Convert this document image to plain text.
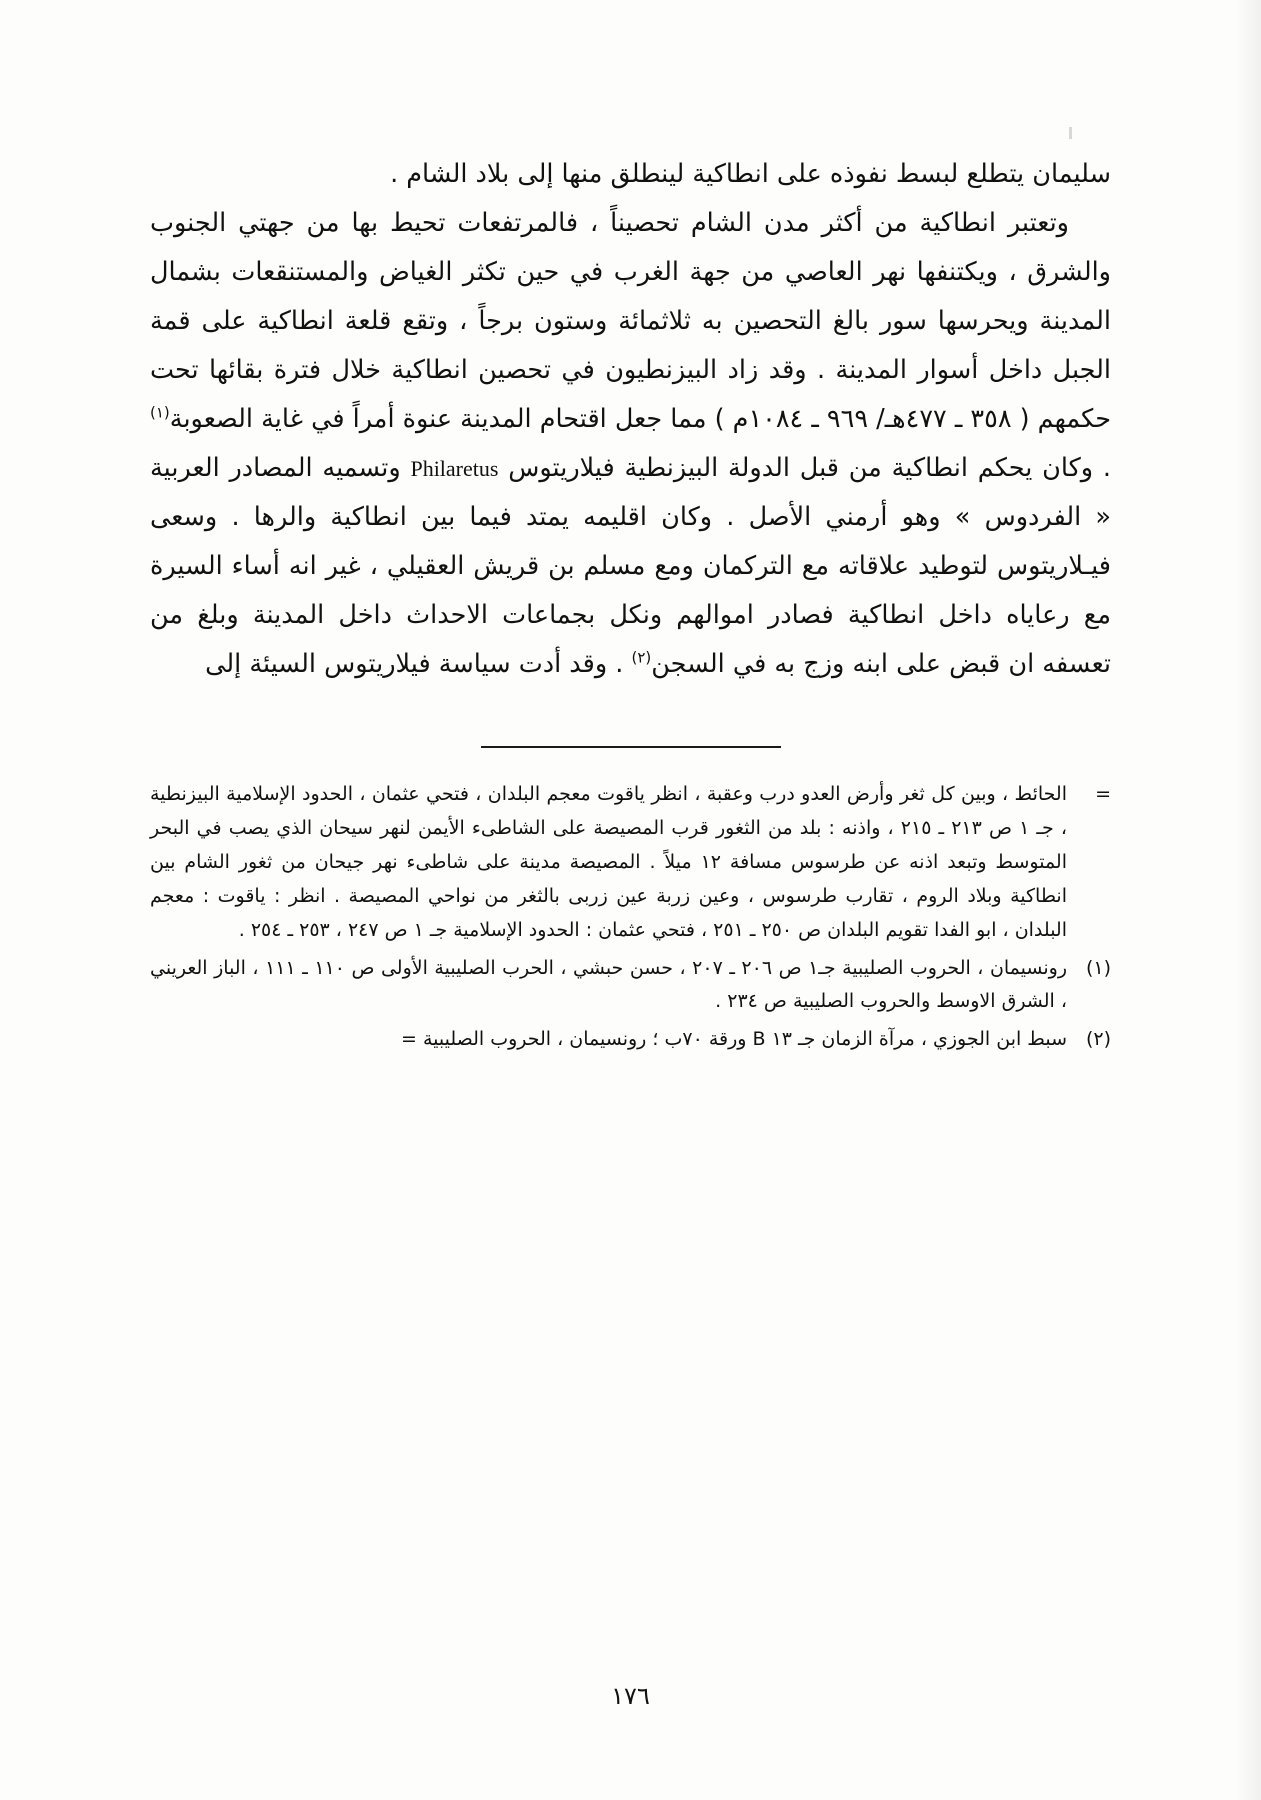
سليمان يتطلع لبسط نفوذه على انطاكية لينطلق منها إلى بلاد الشام .

وتعتبر انطاكية من أكثر مدن الشام تحصيناً ، فالمرتفعات تحيط بها من جهتي الجنوب والشرق ، ويكتنفها نهر العاصي من جهة الغرب في حين تكثر الغياض والمستنقعات بشمال المدينة ويحرسها سور بالغ التحصين به ثلاثمائة وستون برجاً ، وتقع قلعة انطاكية على قمة الجبل داخل أسوار المدينة . وقد زاد البيزنطيون في تحصين انطاكية خلال فترة بقائها تحت حكمهم ( ٣٥٨ ـ ٤٧٧هـ/ ٩٦٩ ـ ١٠٨٤م ) مما جعل اقتحام المدينة عنوة أمراً في غاية الصعوبة$^{(١)}$ . وكان يحكم انطاكية من قبل الدولة البيزنطية فيلاريتوس Philaretus وتسميه المصادر العربية « الفردوس » وهو أرمني الأصل . وكان اقليمه يمتد فيما بين انطاكية والرها . وسعى فيـلاريتوس لتوطيد علاقاته مع التركمان ومع مسلم بن قريش العقيلي ، غير انه أساء السيرة مع رعاياه داخل انطاكية فصادر اموالهم ونكل بجماعات الاحداث داخل المدينة وبلغ من تعسفه ان قبض على ابنه وزج به في السجن$^{(٢)}$ . وقد أدت سياسة فيلاريتوس السيئة إلى

=
الحائط ، وبين كل ثغر وأرض العدو درب وعقبة ، انظر ياقوت معجم البلدان ، فتحي عثمان ، الحدود الإسلامية البيزنطية ، جـ ١ ص ٢١٣ ـ ٢١٥ ، واذنه : بلد من الثغور قرب المصيصة على الشاطىء الأيمن لنهر سيحان الذي يصب في البحر المتوسط وتبعد اذنه عن طرسوس مسافة ١٢ ميلاً . المصيصة مدينة على شاطىء نهر جيحان من ثغور الشام بين انطاكية وبلاد الروم ، تقارب طرسوس ، وعين زربة عين زربى بالثغر من نواحي المصيصة . انظر : ياقوت : معجم البلدان ، ابو الفدا تقويم البلدان ص ٢٥٠ ـ ٢٥١ ، فتحي عثمان : الحدود الإسلامية جـ ١ ص ٢٤٧ ، ٢٥٣ ـ ٢٥٤ .
(١)
رونسيمان ، الحروب الصليبية جـ١ ص ٢٠٦ ـ ٢٠٧ ، حسن حبشي ، الحرب الصليبية الأولى ص ١١٠ ـ ١١١ ، الباز العريني ، الشرق الاوسط والحروب الصليبية ص ٢٣٤ .
(٢)
سبط ابن الجوزي ، مرآة الزمان جـ ١٣ B ورقة ٧٠ب ؛ رونسيمان ، الحروب الصليبية =
١٧٦
